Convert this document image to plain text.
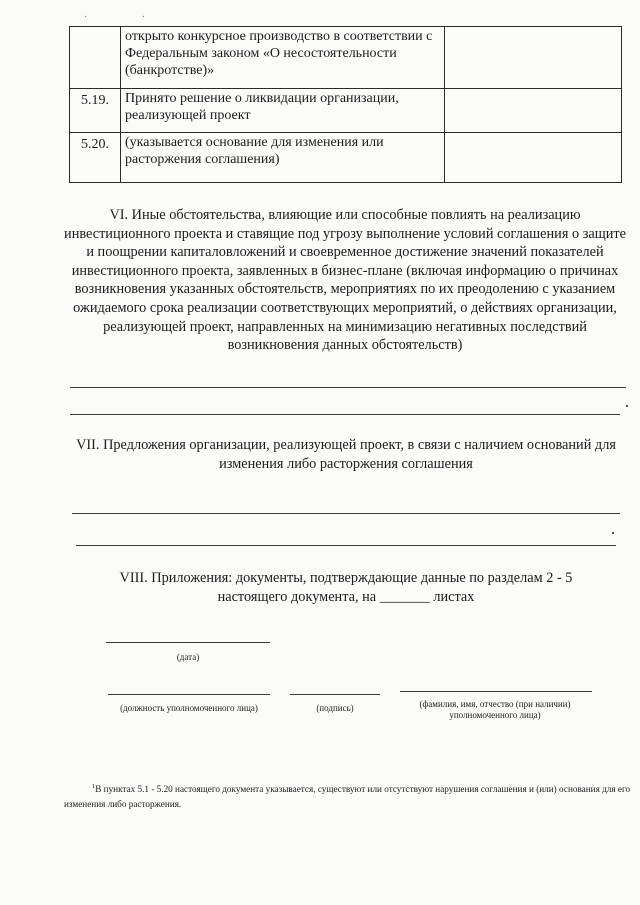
· ·
	открыто конкурсное производство в соответствии с Федеральным законом «О несостоятельности (банкротстве)»	
5.19.	Принято решение о ликвидации организации, реализующей проект	
5.20.	(указывается основание для изменения или расторжения соглашения)	
VI. Иные обстоятельства, влияющие или способные повлиять на реализацию инвестиционного проекта и ставящие под угрозу выполнение условий соглашения о защите и поощрении капиталовложений и своевременное достижение значений показателей инвестиционного проекта, заявленных в бизнес-плане (включая информацию о причинах возникновения указанных обстоятельств, мероприятиях по их преодолению с указанием ожидаемого срока реализации соответствующих мероприятий, о действиях организации, реализующей проект, направленных на минимизацию негативных последствий возникновения данных обстоятельств)
VII. Предложения организации, реализующей проект, в связи с наличием оснований для изменения либо расторжения соглашения
VIII. Приложения: документы, подтверждающие данные по разделам 2 - 5
настоящего документа, на _______ листах
(дата)
(должность уполномоченного лица)	(подпись)	(фамилия, имя, отчество (при наличии) уполномоченного лица)
$^1$В пунктах 5.1 - 5.20 настоящего документа указывается, существуют или отсутствуют нарушения соглашения и (или) основания для его изменения либо расторжения.
